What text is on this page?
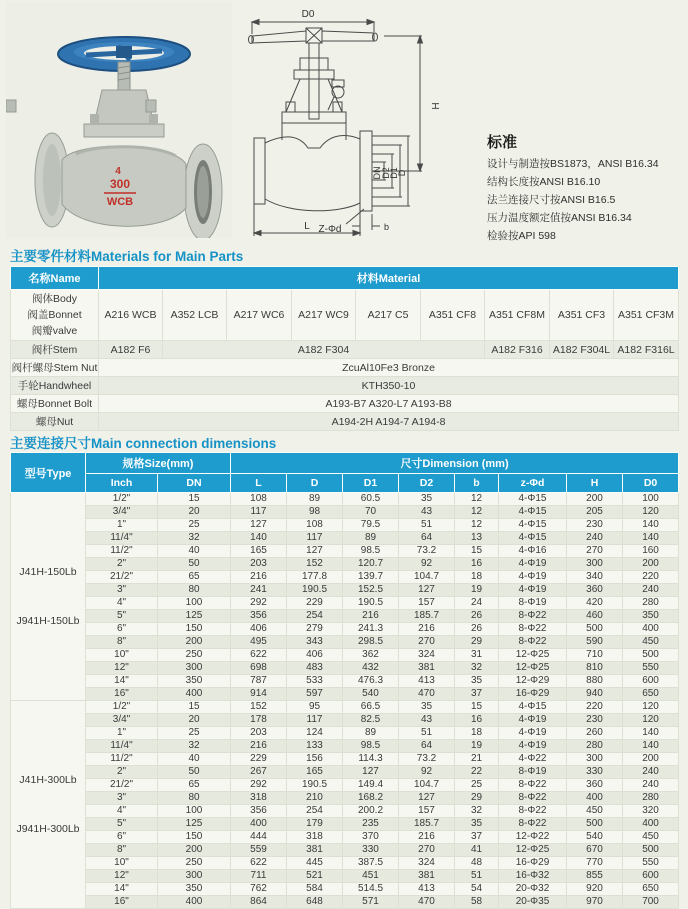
4
300
WCB
D0
H
DN D2
D1
D
Z-Φd	b
L
标准
设计与制造按BS1873，ANSI B16.34
结构长度按ANSI B16.10
法兰连接尺寸按ANSI B16.5
压力温度额定值按ANSI B16.34
检验按API 598
主要零件材料Materials for Main Parts
名称Name	材料Material								

阀体Body
阀盖Bonnet
阀瓣valve	A216 WCB	A352 LCB	A217 WC6	A217 WC9	A217 C5	A351 CF8	A351 CF8M	A351 CF3	A351 CF3M
阀杆Stem	A182 F6	A182 F304					A182 F316	A182 F304L	A182 F316L
阀杆螺母Stem Nut	ZcuAl10Fe3 Bronze								
手轮Handwheel	KTH350-10								
螺母Bonnet Bolt	A193-B7 A320-L7 A193-B8								
螺母Nut	A194-2H A194-7 A194-8								
主要连接尺寸Main connection dimensions
型号Type	规格Size(mm)		尺寸Dimension (mm)							
	Inch	DN	L	D	D1	D2	b	z-Φd	H	D0

J41H-150Lb
J941H-150Lb	1/2"	15	108	89	60.5	35	12	4-Φ15	200	100
	3/4"	20	117	98	70	43	12	4-Φ15	205	120
	1"	25	127	108	79.5	51	12	4-Φ15	230	140
	11/4"	32	140	117	89	64	13	4-Φ15	240	140
	11/2"	40	165	127	98.5	73.2	15	4-Φ16	270	160
	2"	50	203	152	120.7	92	16	4-Φ19	300	200
	21/2"	65	216	177.8	139.7	104.7	18	4-Φ19	340	220
	3"	80	241	190.5	152.5	127	19	4-Φ19	360	240
	4"	100	292	229	190.5	157	24	8-Φ19	420	280
	5"	125	356	254	216	185.7	26	8-Φ22	460	350
	6"	150	406	279	241.3	216	26	8-Φ22	500	400
	8"	200	495	343	298.5	270	29	8-Φ22	590	450
	10"	250	622	406	362	324	31	12-Φ25	710	500
	12"	300	698	483	432	381	32	12-Φ25	810	550
	14"	350	787	533	476.3	413	35	12-Φ29	880	600
	16"	400	914	597	540	470	37	16-Φ29	940	650

J41H-300Lb
J941H-300Lb	1/2"	15	152	95	66.5	35	15	4-Φ15	220	120
	3/4"	20	178	117	82.5	43	16	4-Φ19	230	120
	1"	25	203	124	89	51	18	4-Φ19	260	140
	11/4"	32	216	133	98.5	64	19	4-Φ19	280	140
	11/2"	40	229	156	114.3	73.2	21	4-Φ22	300	200
	2"	50	267	165	127	92	22	8-Φ19	330	240
	21/2"	65	292	190.5	149.4	104.7	25	8-Φ22	360	240
	3"	80	318	210	168.2	127	29	8-Φ22	400	280
	4"	100	356	254	200.2	157	32	8-Φ22	450	320
	5"	125	400	179	235	185.7	35	8-Φ22	500	400
	6"	150	444	318	370	216	37	12-Φ22	540	450
	8"	200	559	381	330	270	41	12-Φ25	670	500
	10"	250	622	445	387.5	324	48	16-Φ29	770	550
	12"	300	711	521	451	381	51	16-Φ32	855	600
	14"	350	762	584	514.5	413	54	20-Φ32	920	650
	16"	400	864	648	571	470	58	20-Φ35	970	700
